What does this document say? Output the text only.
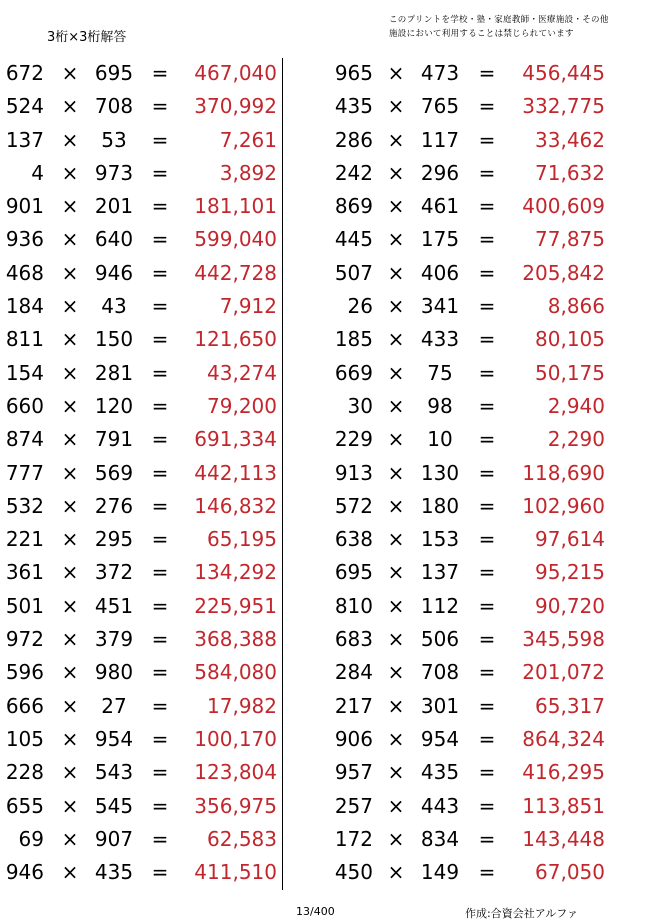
3桁×3桁解答
このプリントを学校・塾・家庭教師・医療施設・その他
施設において利用することは禁じられています
672 × 695 =	467,040
524 × 708 =	370,992
137 ×	53	=	7,261
4 × 973 =	3,892
901 × 201 =	181,101
936 × 640 =	599,040
468 × 946 =	442,728
184 ×	43	=	7,912
811 × 150 =	121,650
154 × 281 =	43,274
660 × 120 =	79,200
874 × 791 =	691,334
777 × 569 =	442,113
532 × 276 =	146,832
221 × 295 =	65,195
361 × 372 =	134,292
501 × 451 =	225,951
972 × 379 =	368,388
596 × 980 =	584,080
666 ×	27	=	17,982
105 × 954 =	100,170
228 × 543 =	123,804
655 × 545 =	356,975
69 × 907 =	62,583
946 × 435 =	411,510
965 × 473 =	456,445
435 × 765 =	332,775
286 × 117 =	33,462
242 × 296 =	71,632
869 × 461 =	400,609
445 × 175 =	77,875
507 × 406 =	205,842
26 × 341 =	8,866
185 × 433 =	80,105
669 ×	75	=	50,175
30 ×	98	=	2,940
229 ×	10	=	2,290
913 × 130 =	118,690
572 × 180 =	102,960
638 × 153 =	97,614
695 × 137 =	95,215
810 × 112 =	90,720
683 × 506 =	345,598
284 × 708 =	201,072
217 × 301 =	65,317
906 × 954 =	864,324
957 × 435 =	416,295
257 × 443 =	113,851
172 × 834 =	143,448
450 × 149 =	67,050
13/400	作成:合資会社アルファ
